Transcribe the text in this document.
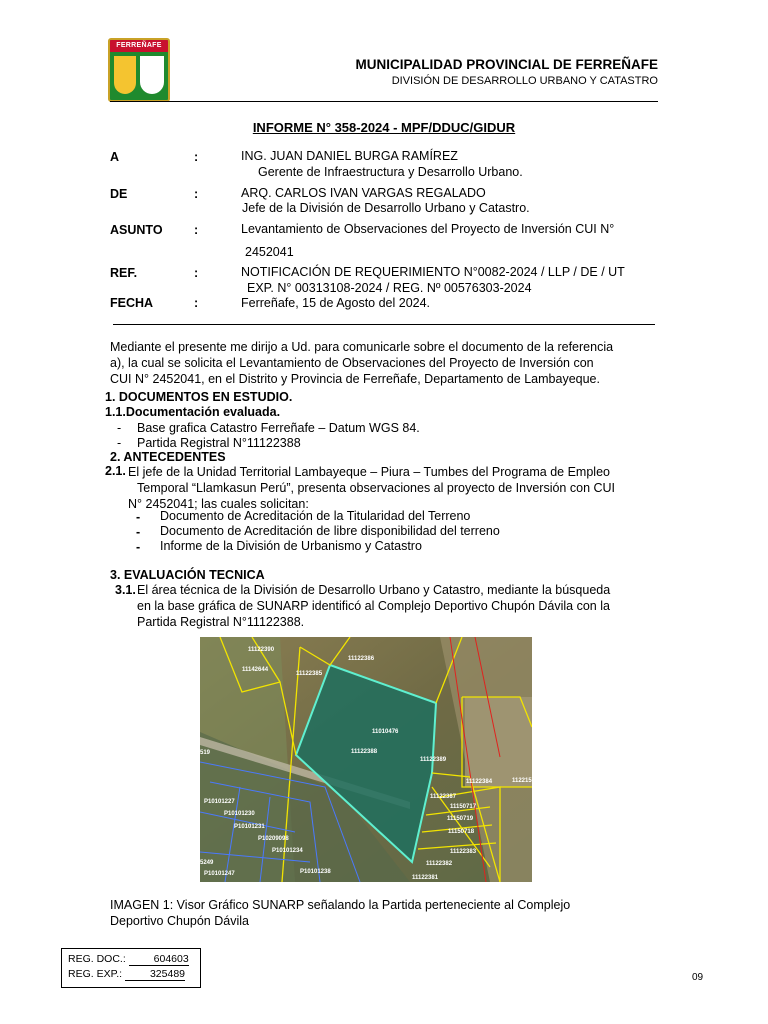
FERREÑAFE
MUNICIPALIDAD PROVINCIAL DE FERREÑAFE
DIVISIÓN DE DESARROLLO URBANO Y CATASTRO
INFORME N° 358-2024 - MPF/DDUC/GIDUR
A	:	ING. JUAN DANIEL BURGA RAMÍREZ
Gerente de Infraestructura y Desarrollo Urbano.
DE	:	ARQ. CARLOS IVAN VARGAS REGALADO
Jefe de la División de Desarrollo Urbano y Catastro.
ASUNTO	:	Levantamiento de Observaciones del Proyecto de Inversión CUI N°
2452041
REF.	:	NOTIFICACIÓN DE REQUERIMIENTO N°0082-2024 / LLP / DE / UT
EXP. N° 00313108-2024 / REG. Nº 00576303-2024
FECHA	:	Ferreñafe, 15 de Agosto del 2024.
Mediante el presente me dirijo a Ud. para comunicarle sobre el documento de la referencia
a), la cual se solicita el Levantamiento de Observaciones del Proyecto de Inversión con
CUI N° 2452041, en el Distrito y Provincia de Ferreñafe, Departamento de Lambayeque.
1. DOCUMENTOS EN ESTUDIO.
1.1.Documentación evaluada.
- Base grafica Catastro Ferreñafe – Datum WGS 84.
- Partida Registral N°11122388
2. ANTECEDENTES
2.1. El jefe de la Unidad Territorial Lambayeque – Piura – Tumbes del Programa de Empleo
Temporal “Llamkasun Perú”, presenta observaciones al proyecto de Inversión con CUI
N° 2452041; las cuales solicitan:
- Documento de Acreditación de la Titularidad del Terreno
- Documento de Acreditación de libre disponibilidad del terreno
- Informe de la División de Urbanismo y Catastro
3. EVALUACIÓN TECNICA
3.1. El área técnica de la División de Desarrollo Urbano y Catastro, mediante la búsqueda
en la base gráfica de SUNARP identificó al Complejo Deportivo Chupón Dávila con la
Partida Registral N°11122388.
11122390
11142644
11122386
11122385
11010476
11122388
11122389
11122384
11150719
11150718
11122383
11122382
11122381
P10101227
P10101230
P10101231
P10209098
P10101234
P10101238
P10101247
11122387
11150717
112215
519
5249
IMAGEN 1: Visor Gráfico SUNARP señalando la Partida perteneciente al Complejo
Deportivo Chupón Dávila
REG. DOC.:	604603
REG. EXP.:	325489	09
